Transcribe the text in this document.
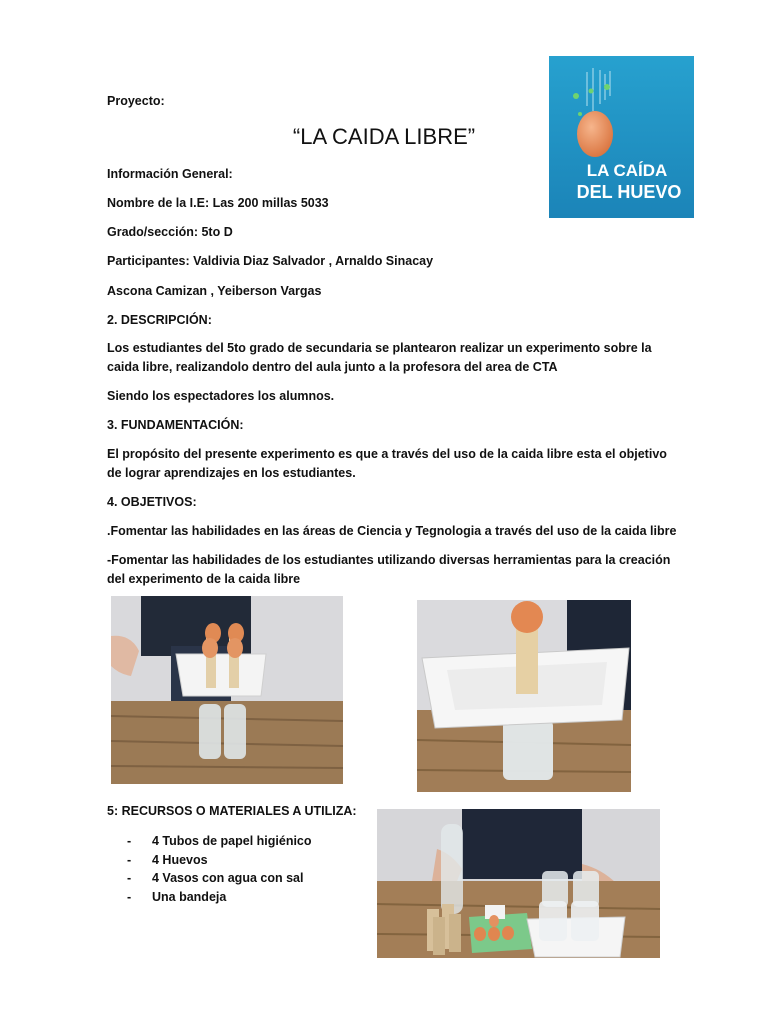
LA CAÍDA
DEL HUEVO
Proyecto:
“LA CAIDA LIBRE”
Información General:
Nombre de la I.E: Las 200 millas 5033
Grado/sección: 5to D
Participantes: Valdivia Diaz Salvador , Arnaldo Sinacay
Ascona Camizan , Yeiberson Vargas
2. DESCRIPCIÓN:
Los estudiantes del 5to grado de secundaria se plantearon realizar un experimento sobre la
caida libre, realizandolo dentro del aula junto a la profesora del area de CTA
Siendo los espectadores los alumnos.
3. FUNDAMENTACIÓN:
El propósito del presente experimento es que a través del uso de la caida libre esta el objetivo
de lograr aprendizajes en los estudiantes.
4. OBJETIVOS:
.Fomentar las habilidades en las áreas de Ciencia y Tegnologia a través del uso de la caida libre
-Fomentar las habilidades de los estudiantes utilizando diversas herramientas para la creación
del experimento de la caida libre
5: RECURSOS O MATERIALES A UTILIZA:
- 4 Tubos de papel higiénico
- 4 Huevos
- 4 Vasos con agua con sal
- Una bandeja
